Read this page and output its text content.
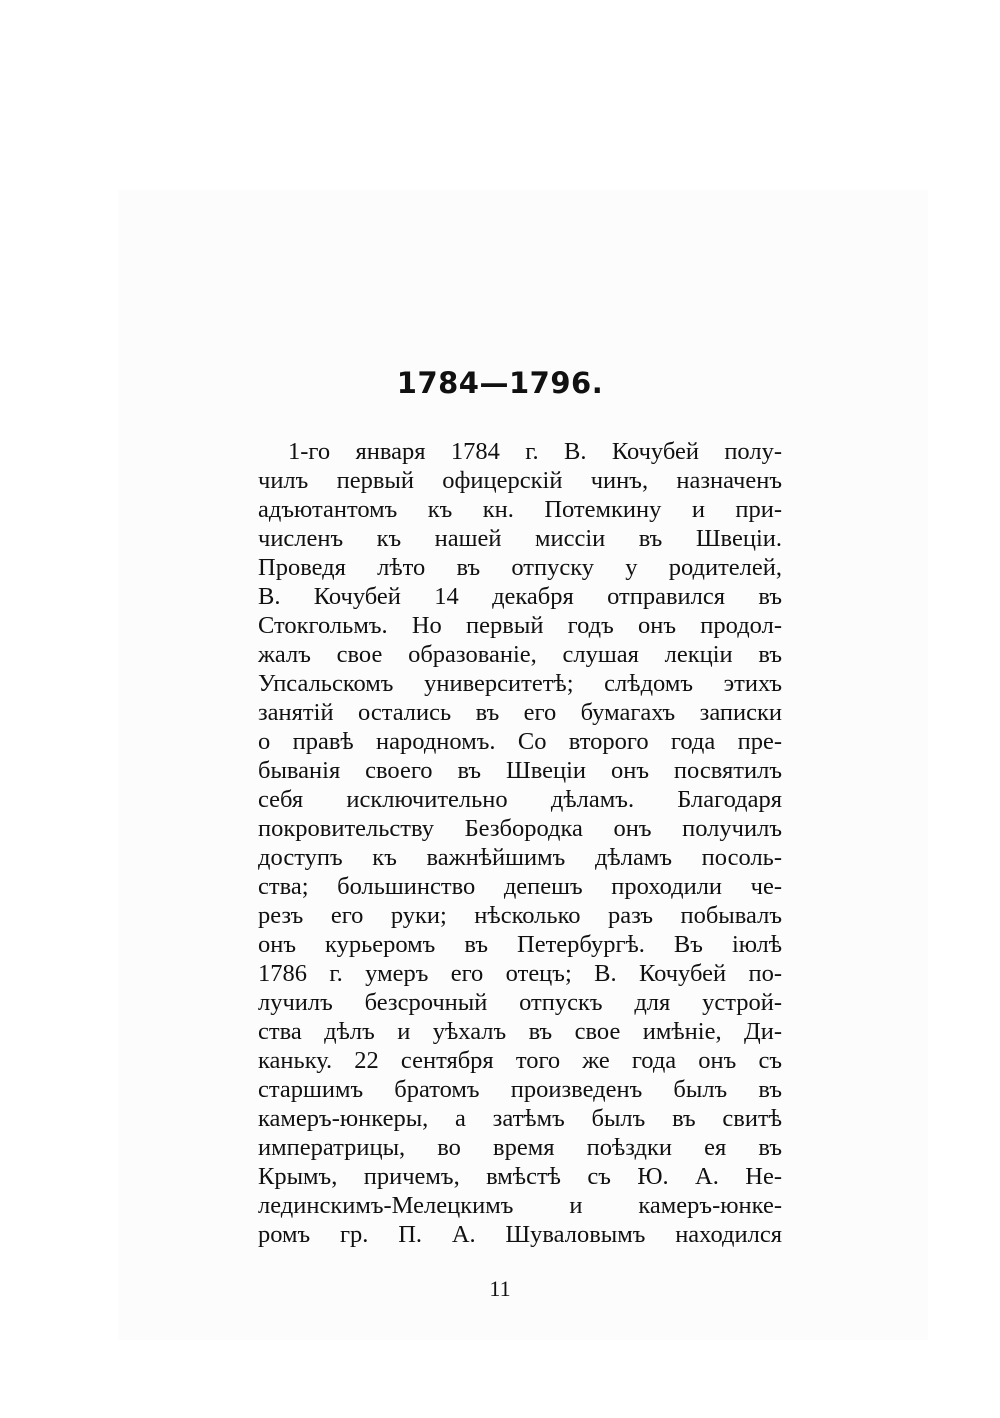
1784—1796.
1-го января 1784 г. В. Кочубей полу-
чилъ первый офицерскій чинъ, назначенъ
адъютантомъ къ кн. Потемкину и при-
численъ къ нашей миссіи въ Швеціи.
Проведя лѣто въ отпуску у родителей,
В. Кочубей 14 декабря отправился въ
Стокгольмъ. Но первый годъ онъ продол-
жалъ свое образованіе, слушая лекціи въ
Упсальскомъ университетѣ; слѣдомъ этихъ
занятій остались въ его бумагахъ записки
о правѣ народномъ. Со второго года пре-
быванія своего въ Швеціи онъ посвятилъ
себя исключительно дѣламъ. Благодаря
покровительству Безбородка онъ получилъ
доступъ къ важнѣйшимъ дѣламъ посоль-
ства; большинство депешъ проходили че-
резъ его руки; нѣсколько разъ побывалъ
онъ курьеромъ въ Петербургѣ. Въ іюлѣ
1786 г. умеръ его отецъ; В. Кочубей по-
лучилъ безсрочный отпускъ для устрой-
ства дѣлъ и уѣхалъ въ свое имѣніе, Ди-
каньку. 22 сентября того же года онъ съ
старшимъ братомъ произведенъ былъ въ
камеръ-юнкеры, а затѣмъ былъ въ свитѣ
императрицы, во время поѣздки ея въ
Крымъ, причемъ, вмѣстѣ съ Ю. А. Не-
лединскимъ-Мелецкимъ и камеръ-юнке-
ромъ гр. П. А. Шуваловымъ находился
11
